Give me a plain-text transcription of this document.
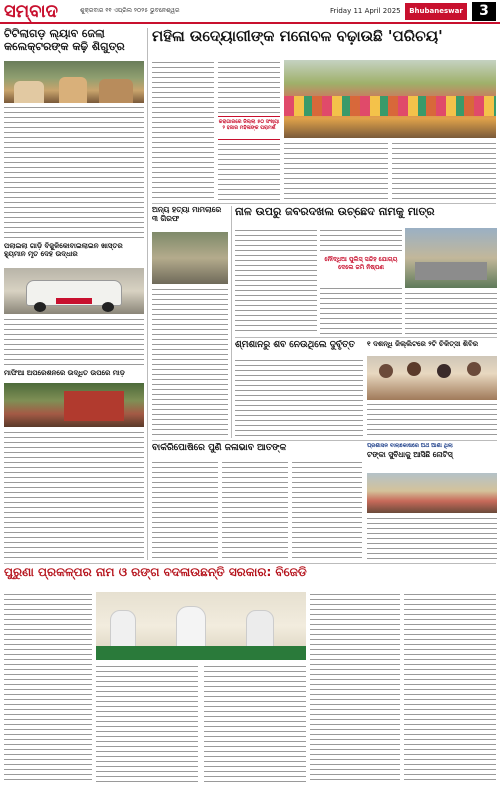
ସମ୍ବାଦ	ଶୁକ୍ରବାର ୧୧ ଏପ୍ରିଲ ୨୦୨୫ ଭୁବନେଶ୍ୱର	Friday 11 April 2025	Bhubaneswar	3
ଟିଟିଲାଗଡ଼ ଲ୍ୟାବ ଜେଲା କଲେକ୍ଟରଙ୍କ କଢ଼ି ଶିଗୁତ୍ର
ପଲାଇଲା ଗାଡ଼ି ବିଜୁଳିକୋବାଇଲାଇନ ଖାସ୍ତର ହ୍ୟୁମାନ ମୃତ ଦେହ ଉଦ୍ଧାର
ମାଫିଆ ଅପରେଶନରେ ଉଦ୍ଧିତ ଉପରେ ମାଡ଼
ମହିଳା ଉଦ୍ୟୋଗୀଙ୍କ ମନୋବଳ ବଢ଼ାଉଛି 'ପରିଚୟ'
କରାଗାରରେ ଜିଲ୍ଲା ୫୦ ସଂଖ୍ୟା ୨ ହଜାର ମହିଳାଙ୍କ ପରାମର୍ଶ
ଅନ୍ୟ ହତ୍ୟା ମାମଲାରେ ୩ ଗିରଫ
ନାଳ ଉପରୁ ଜବରଦଖଲ ଉଚ୍ଛେଦ ନାମକୁ ମାତ୍ର
ନୌଦ୍ଧିଆ ପୁଲିସ୍ ସନ୍ଦିହ ଯୋଗ୍ୟ ଦେଲେ ଜମି ନିଷ୍ପଣ
ଶ୍ମଶାନରୁ ଶବ ନେଉଥିଲେ ଦୁର୍ବୃତ୍ତ	୧ ଦଶନ୍ଧି ଜିଲ୍ଲିଟରେ ୨ଟି ଚିକିତ୍ସା ଶିବିର
ବାର୍କରିପୋଷିରେ ପୁଣି ଜଳାଭାବ ଆତଙ୍କ	ପ୍ରଶାସନ ବାଲାକୋଷରେ ଅର୍ଥ ଆଶା ଥିଲା
ଟଙ୍କା ସୁବିଧାକୁ ଆସିଛି ନୋଟିସ୍
ପୁରୁଣା ପ୍ରକଳ୍ପର ନାମ ଓ ରଙ୍ଗ ବଦଳାଉଛନ୍ତି ସରକାର: ବିଜେଡି
